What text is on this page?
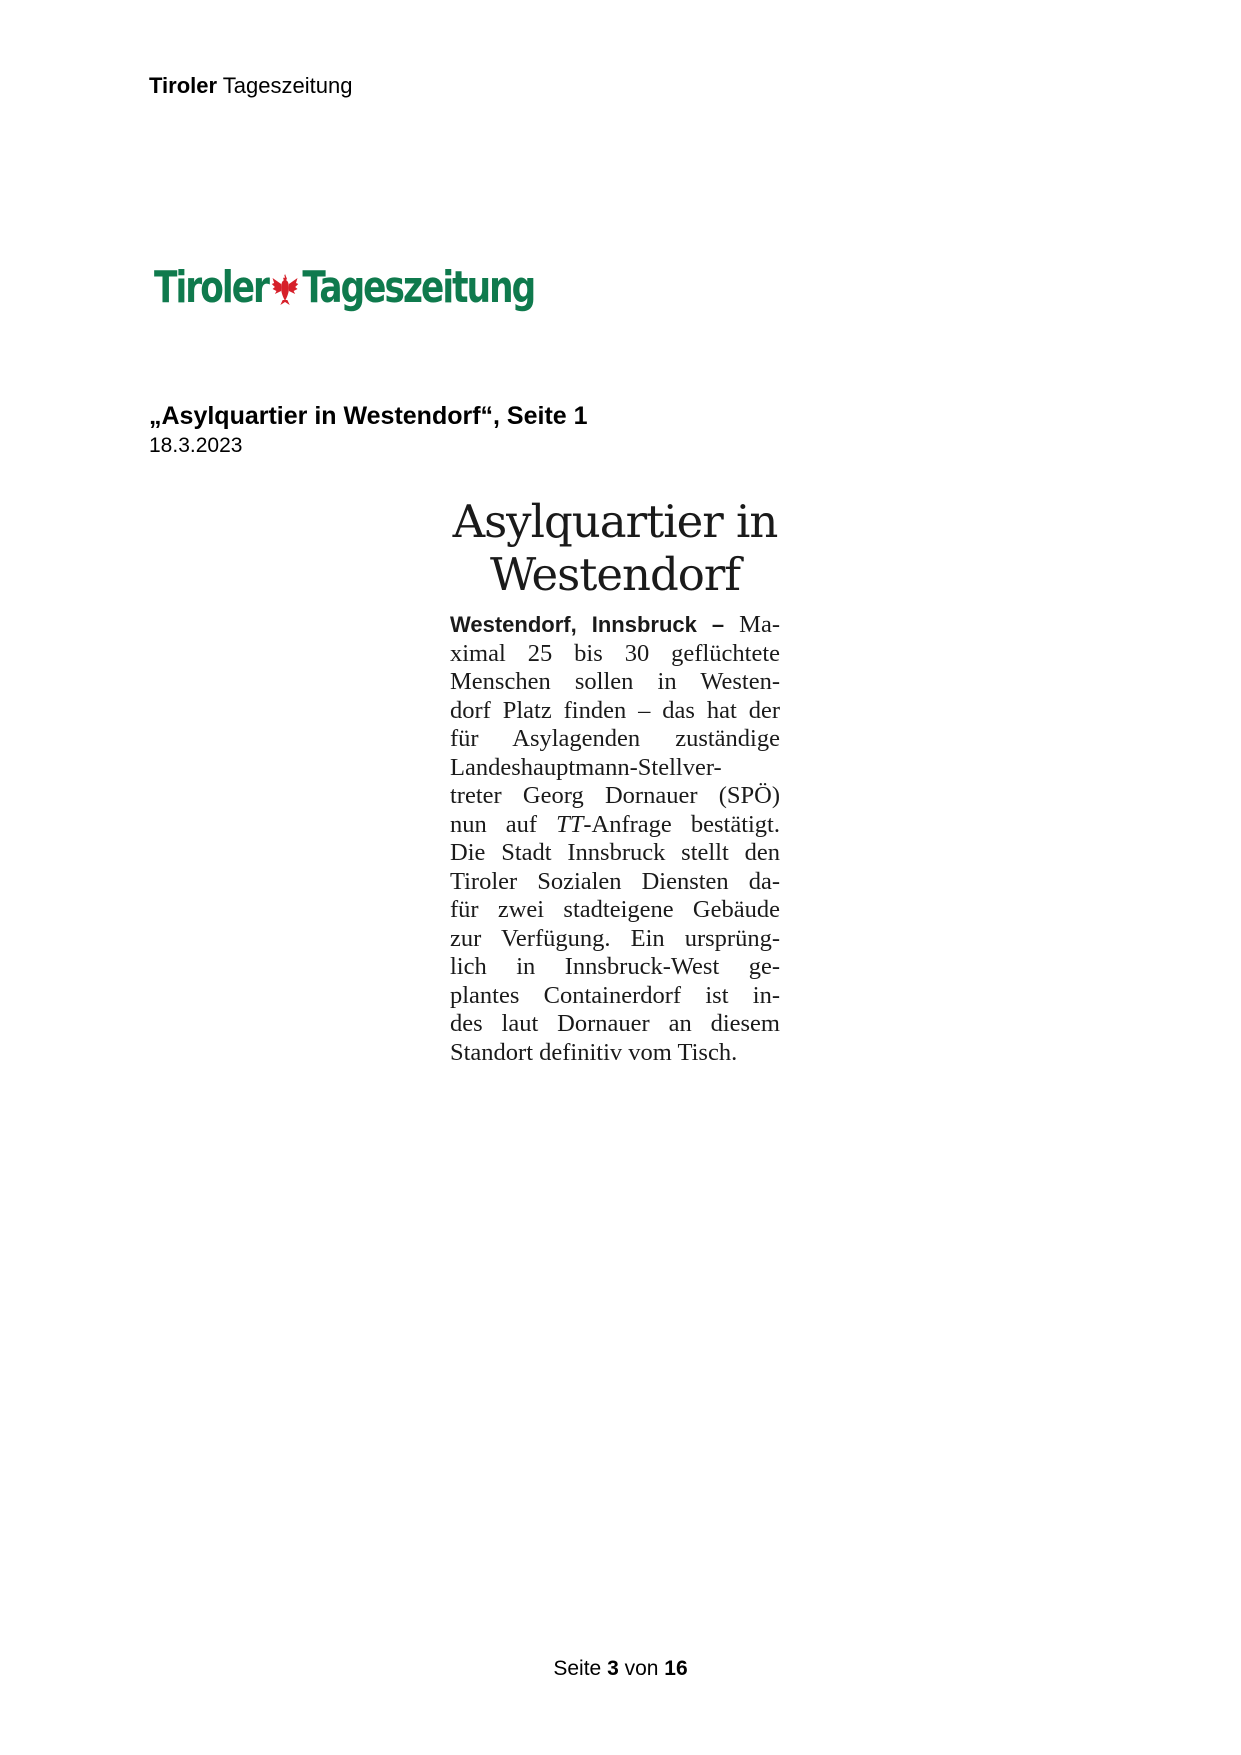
Tiroler Tageszeitung
Tiroler Tageszeitung
„Asylquartier in Westendorf“, Seite 1
18.3.2023
Asylquartier in
Westendorf

Westendorf, Innsbruck – Ma-
ximal 25 bis 30 geflüchtete
Menschen sollen in Westen-
dorf Platz finden – das hat der
für Asylagenden zuständige
Landeshauptmann-Stellver-
treter Georg Dornauer (SPÖ)
nun auf TT-Anfrage bestätigt.
Die Stadt Innsbruck stellt den
Tiroler Sozialen Diensten da-
für zwei stadteigene Gebäude
zur Verfügung. Ein ursprüng-
lich in Innsbruck-West ge-
plantes Containerdorf ist in-
des laut Dornauer an diesem
Standort definitiv vom Tisch.

Seite 3 von 16
